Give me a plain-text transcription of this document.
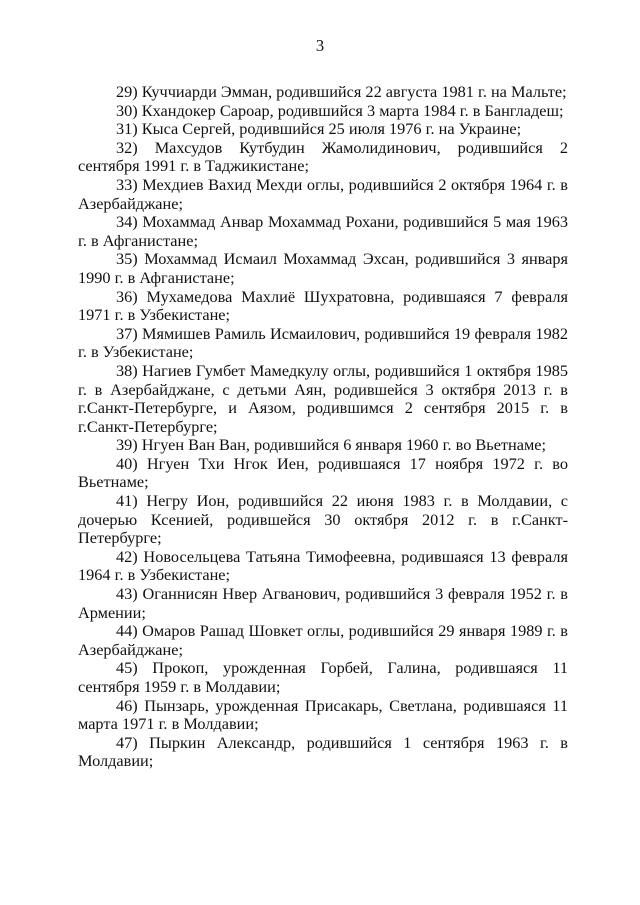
3

29) Куччиарди Эмман, родившийся 22 августа 1981 г. на Мальте;

30) Кхандокер Сароар, родившийся 3 марта 1984 г. в Бангладеш;

31) Кыса Сергей, родившийся 25 июля 1976 г. на Украине;

32) Махсудов Кутбудин Жамолидинович, родившийся 2 сентября 1991 г. в Таджикистане;

33) Мехдиев Вахид Мехди оглы, родившийся 2 октября 1964 г. в Азербайджане;

34) Мохаммад Анвар Мохаммад Рохани, родившийся 5 мая 1963 г. в Афганистане;

35) Мохаммад Исмаил Мохаммад Эхсан, родившийся 3 января 1990 г. в Афганистане;

36) Мухамедова Махлиё Шухратовна, родившаяся 7 февраля 1971 г. в Узбекистане;

37) Мямишев Рамиль Исмаилович, родившийся 19 февраля 1982 г. в Узбекистане;

38) Нагиев Гумбет Мамедкулу оглы, родившийся 1 октября 1985 г. в Азербайджане, с детьми Аян, родившейся 3 октября 2013 г. в г.Санкт-Петербурге, и Аязом, родившимся 2 сентября 2015 г. в г.Санкт-Петербурге;

39) Нгуен Ван Ван, родившийся 6 января 1960 г. во Вьетнаме;

40) Нгуен Тхи Нгок Иен, родившаяся 17 ноября 1972 г. во Вьетнаме;

41) Негру Ион, родившийся 22 июня 1983 г. в Молдавии, с дочерью Ксенией, родившейся 30 октября 2012 г. в г.Санкт-Петербурге;

42) Новосельцева Татьяна Тимофеевна, родившаяся 13 февраля 1964 г. в Узбекистане;

43) Оганнисян Нвер Агванович, родившийся 3 февраля 1952 г. в Армении;

44) Омаров Рашад Шовкет оглы, родившийся 29 января 1989 г. в Азербайджане;

45) Прокоп, урожденная Горбей, Галина, родившаяся 11 сентября 1959 г. в Молдавии;

46) Пынзарь, урожденная Присакарь, Светлана, родившаяся 11 марта 1971 г. в Молдавии;

47) Пыркин Александр, родившийся 1 сентября 1963 г. в Молдавии;
